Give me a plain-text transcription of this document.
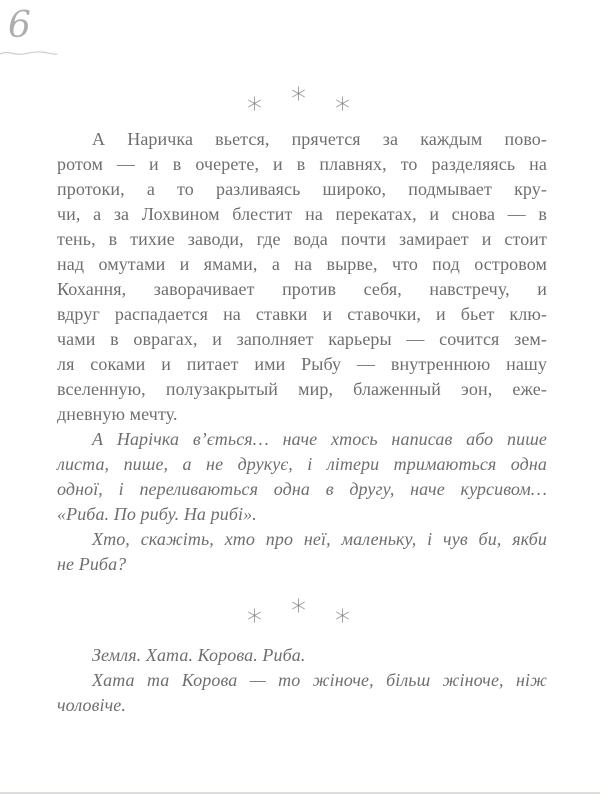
6
А Наричка вьется, прячется за каждым пово-
ротом — и в очерете, и в плавнях, то разделяясь на
протоки, а то разливаясь широко, подмывает кру-
чи, а за Лохвином блестит на перекатах, и снова — в
тень, в тихие заводи, где вода почти замирает и стоит
над омутами и ямами, а на вырве, что под островом
Кохання, заворачивает против себя, навстречу, и
вдруг распадается на ставки и ставочки, и бьет клю-
чами в оврагах, и заполняет карьеры — сочится зем-
ля соками и питает ими Рыбу — внутреннюю нашу
вселенную, полузакрытый мир, блаженный эон, еже-
дневную мечту.
А Нарічка в’ється… наче хтось написав або пише
листа, пише, а не друкує, і літери тримаються одна
одної, і переливаються одна в другу, наче курсивом…
«Риба. По рибу. На рибі».
Хто, скажіть, хто про неї, маленьку, і чув би, якби
не Риба?
Земля. Хата. Корова. Риба.
Хата та Корова — то жіноче, більш жіноче, ніж
чоловіче.
